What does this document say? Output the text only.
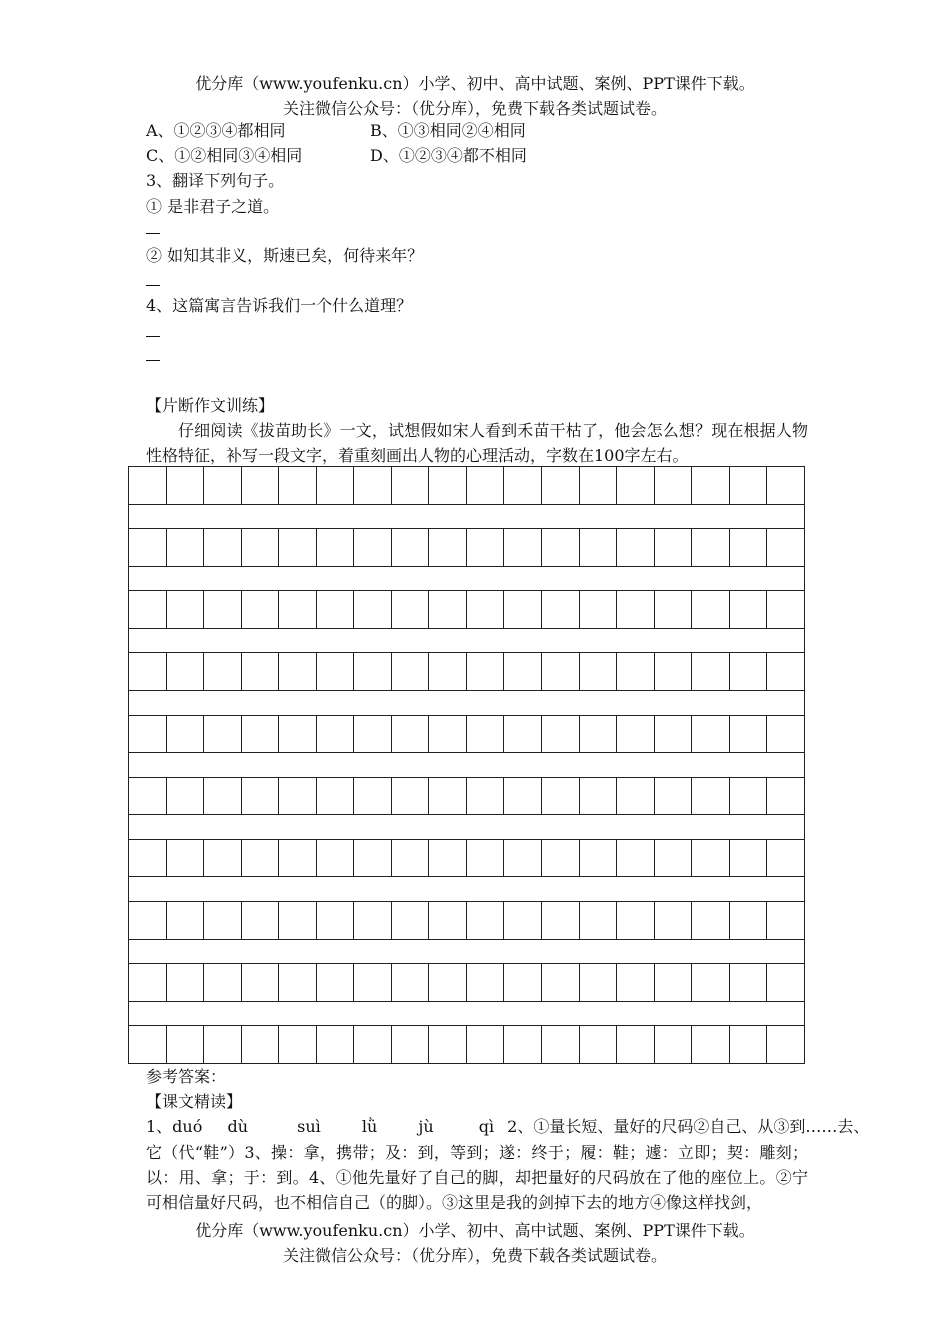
优分库（www.youfenku.cn）小学、初中、高中试题、案例、PPT课件下载。
关注微信公众号：（优分库），免费下载各类试题试卷。
A、①②③④都相同	B、①③相同②④相同
C、①②相同③④相同	D、①②③④都不相同
3、翻译下列句子。
① 是非君子之道。
② 如知其非义，斯速已矣，何待来年？
4、这篇寓言告诉我们一个什么道理？
【片断作文训练】
仔细阅读《拔苗助长》一文，试想假如宋人看到禾苗干枯了，他会怎么想？现在根据人物性格特征，补写一段文字，着重刻画出人物的心理活动，字数在100字左右。

参考答案：
【课文精读】
1、duó dù	suì	lǜ	jù	qì 2、①量长短、量好的尺码②自己、从③到……去、
它（代“鞋”）3、操：拿，携带；及：到，等到；遂：终于；履：鞋；遽：立即；契：雕刻；以：用、拿；于：到。4、①他先量好了自己的脚，却把量好的尺码放在了他的座位上。②宁可相信量好尺码，也不相信自己（的脚）。③这里是我的剑掉下去的地方④像这样找剑，
优分库（www.youfenku.cn）小学、初中、高中试题、案例、PPT课件下载。
关注微信公众号：（优分库），免费下载各类试题试卷。
